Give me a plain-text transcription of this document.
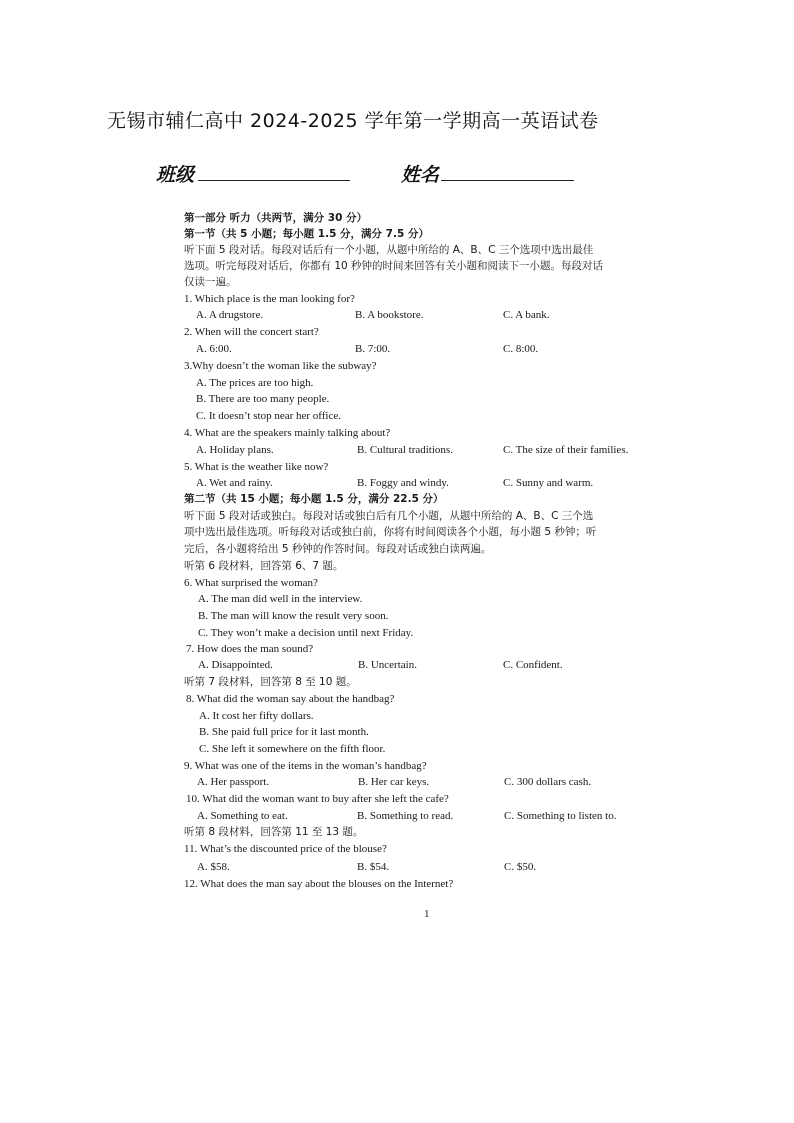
无锡市辅仁高中 2024-2025 学年第一学期高一英语试卷
班级	姓名
第一部分 听力（共两节，满分 30 分）
第一节（共 5 小题；每小题 1.5 分，满分 7.5 分）
听下面 5 段对话。每段对话后有一个小题，从题中所给的 A、B、C 三个选项中选出最佳
选项。听完每段对话后，你都有 10 秒钟的时间来回答有关小题和阅读下一小题。每段对话
仅读一遍。
1. Which place is the man looking for?
A. A drugstore.	B. A bookstore.	C. A bank.
2. When will the concert start?
A. 6:00.	B. 7:00.	C. 8:00.
3.Why doesn’t the woman like the subway?
A. The prices are too high.
B. There are too many people.
C. It doesn’t stop near her office.
4. What are the speakers mainly talking about?
A. Holiday plans.	B. Cultural traditions.	C. The size of their families.
5. What is the weather like now?
A. Wet and rainy.	B. Foggy and windy.	C. Sunny and warm.
第二节（共 15 小题；每小题 1.5 分，满分 22.5 分）
听下面 5 段对话或独白。每段对话或独白后有几个小题，从题中所给的 A、B、C 三个选
项中选出最佳选项。听每段对话或独白前，你将有时间阅读各个小题，每小题 5 秒钟；听
完后，各小题将给出 5 秒钟的作答时间。每段对话或独白读两遍。
听第 6 段材料，回答第 6、7 题。
6. What surprised the woman?
A. The man did well in the interview.
B. The man will know the result very soon.
C. They won’t make a decision until next Friday.
7. How does the man sound?
A. Disappointed.	B. Uncertain.	C. Confident.
听第 7 段材料，回答第 8 至 10 题。
8. What did the woman say about the handbag?
A. It cost her fifty dollars.
B. She paid full price for it last month.
C. She left it somewhere on the fifth floor.
9. What was one of the items in the woman’s handbag?
A. Her passport.	B. Her car keys.	C. 300 dollars cash.
10. What did the woman want to buy after she left the cafe?
A. Something to eat.	B. Something to read.	C. Something to listen to.
听第 8 段材料，回答第 11 至 13 题。
11. What’s the discounted price of the blouse?
A. $58.	B. $54.	C. $50.
12. What does the man say about the blouses on the Internet?
1
